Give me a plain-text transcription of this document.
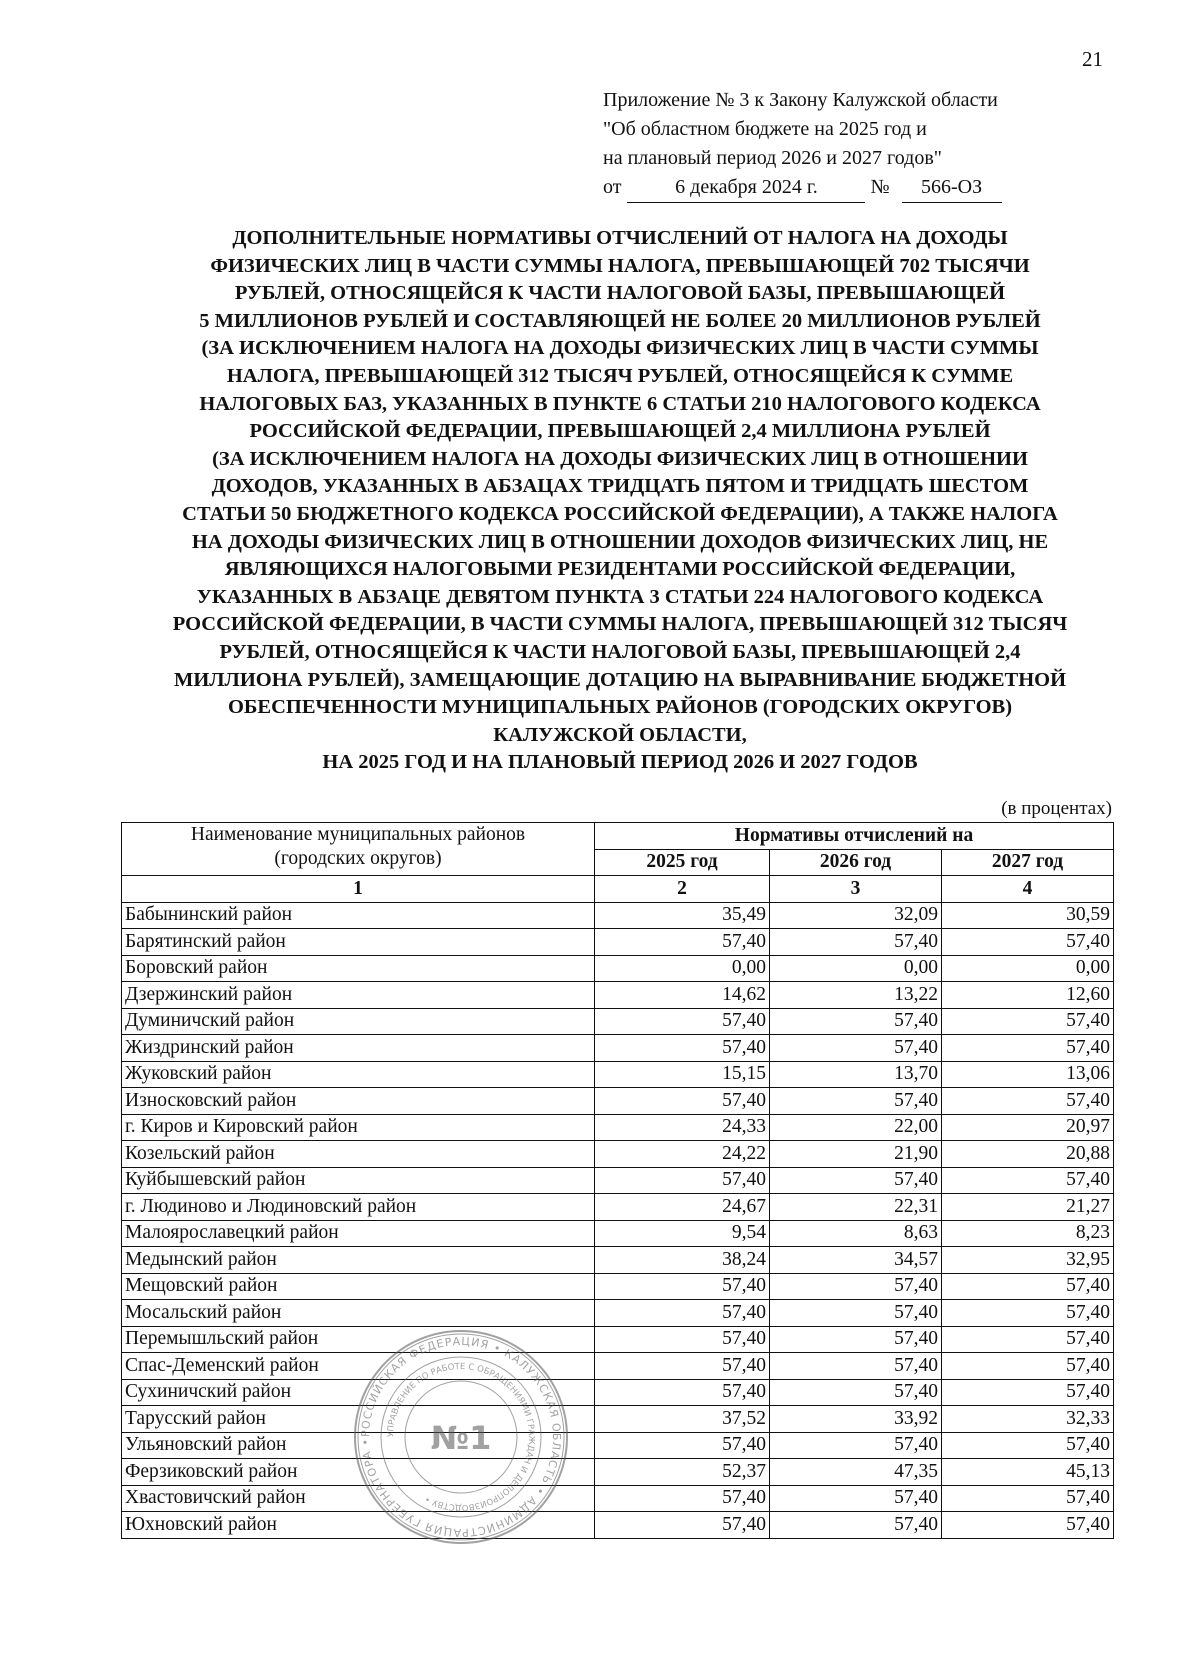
21
Приложение № 3 к Закону Калужской области
"Об областном бюджете на 2025 год и
на плановый период 2026 и 2027 годов"
от	6 декабря 2024 г.	№ 566-ОЗ
ДОПОЛНИТЕЛЬНЫЕ НОРМАТИВЫ ОТЧИСЛЕНИЙ ОТ НАЛОГА НА ДОХОДЫ
ФИЗИЧЕСКИХ ЛИЦ В ЧАСТИ СУММЫ НАЛОГА, ПРЕВЫШАЮЩЕЙ 702 ТЫСЯЧИ
РУБЛЕЙ, ОТНОСЯЩЕЙСЯ К ЧАСТИ НАЛОГОВОЙ БАЗЫ, ПРЕВЫШАЮЩЕЙ
5 МИЛЛИОНОВ РУБЛЕЙ И СОСТАВЛЯЮЩЕЙ НЕ БОЛЕЕ 20 МИЛЛИОНОВ РУБЛЕЙ
(ЗА ИСКЛЮЧЕНИЕМ НАЛОГА НА ДОХОДЫ ФИЗИЧЕСКИХ ЛИЦ В ЧАСТИ СУММЫ
НАЛОГА, ПРЕВЫШАЮЩЕЙ 312 ТЫСЯЧ РУБЛЕЙ, ОТНОСЯЩЕЙСЯ К СУММЕ
НАЛОГОВЫХ БАЗ, УКАЗАННЫХ В ПУНКТЕ 6 СТАТЬИ 210 НАЛОГОВОГО КОДЕКСА
РОССИЙСКОЙ ФЕДЕРАЦИИ, ПРЕВЫШАЮЩЕЙ 2,4 МИЛЛИОНА РУБЛЕЙ
(ЗА ИСКЛЮЧЕНИЕМ НАЛОГА НА ДОХОДЫ ФИЗИЧЕСКИХ ЛИЦ В ОТНОШЕНИИ
ДОХОДОВ, УКАЗАННЫХ В АБЗАЦАХ ТРИДЦАТЬ ПЯТОМ И ТРИДЦАТЬ ШЕСТОМ
СТАТЬИ 50 БЮДЖЕТНОГО КОДЕКСА РОССИЙСКОЙ ФЕДЕРАЦИИ), А ТАКЖЕ НАЛОГА
НА ДОХОДЫ ФИЗИЧЕСКИХ ЛИЦ В ОТНОШЕНИИ ДОХОДОВ ФИЗИЧЕСКИХ ЛИЦ, НЕ
ЯВЛЯЮЩИХСЯ НАЛОГОВЫМИ РЕЗИДЕНТАМИ РОССИЙСКОЙ ФЕДЕРАЦИИ,
УКАЗАННЫХ В АБЗАЦЕ ДЕВЯТОМ ПУНКТА 3 СТАТЬИ 224 НАЛОГОВОГО КОДЕКСА
РОССИЙСКОЙ ФЕДЕРАЦИИ, В ЧАСТИ СУММЫ НАЛОГА, ПРЕВЫШАЮЩЕЙ 312 ТЫСЯЧ
РУБЛЕЙ, ОТНОСЯЩЕЙСЯ К ЧАСТИ НАЛОГОВОЙ БАЗЫ, ПРЕВЫШАЮЩЕЙ 2,4
МИЛЛИОНА РУБЛЕЙ), ЗАМЕЩАЮЩИЕ ДОТАЦИЮ НА ВЫРАВНИВАНИЕ БЮДЖЕТНОЙ
ОБЕСПЕЧЕННОСТИ МУНИЦИПАЛЬНЫХ РАЙОНОВ (ГОРОДСКИХ ОКРУГОВ)
КАЛУЖСКОЙ ОБЛАСТИ,
НА 2025 ГОД И НА ПЛАНОВЫЙ ПЕРИОД 2026 И 2027 ГОДОВ
(в процентах)
Наименование муниципальных районов
(городских округов)	Нормативы отчислений на		
	2025 год	2026 год	2027 год
1	2	3	4
Бабынинский район	35,49	32,09	30,59
Барятинский район	57,40	57,40	57,40
Боровский район	0,00	0,00	0,00
Дзержинский район	14,62	13,22	12,60
Думиничский район	57,40	57,40	57,40
Жиздринский район	57,40	57,40	57,40
Жуковский район	15,15	13,70	13,06
Износковский район	57,40	57,40	57,40
г. Киров и Кировский район	24,33	22,00	20,97
Козельский район	24,22	21,90	20,88
Куйбышевский район	57,40	57,40	57,40
г. Людиново и Людиновский район	24,67	22,31	21,27
Малоярославецкий район	9,54	8,63	8,23
Медынский район	38,24	34,57	32,95
Мещовский район	57,40	57,40	57,40
Мосальский район	57,40	57,40	57,40
Перемышльский район	57,40	57,40	57,40
Спас-Деменский район	57,40	57,40	57,40
Сухиничский район	57,40	57,40	57,40
Тарусский район	37,52	33,92	32,33
Ульяновский район	57,40	57,40	57,40
Ферзиковский район	52,37	47,35	45,13
Хвастовичский район	57,40	57,40	57,40
Юхновский район	57,40	57,40	57,40
РОССИЙСКАЯ ФЕДЕРАЦИЯ • КАЛУЖСКАЯ ОБЛАСТЬ • АДМИНИСТРАЦИЯ ГУБЕРНАТОРА •
УПРАВЛЕНИЕ ПО РАБОТЕ С ОБРАЩЕНИЯМИ ГРАЖДАН И ДЕЛОПРОИЗВОДСТВУ •
№1
